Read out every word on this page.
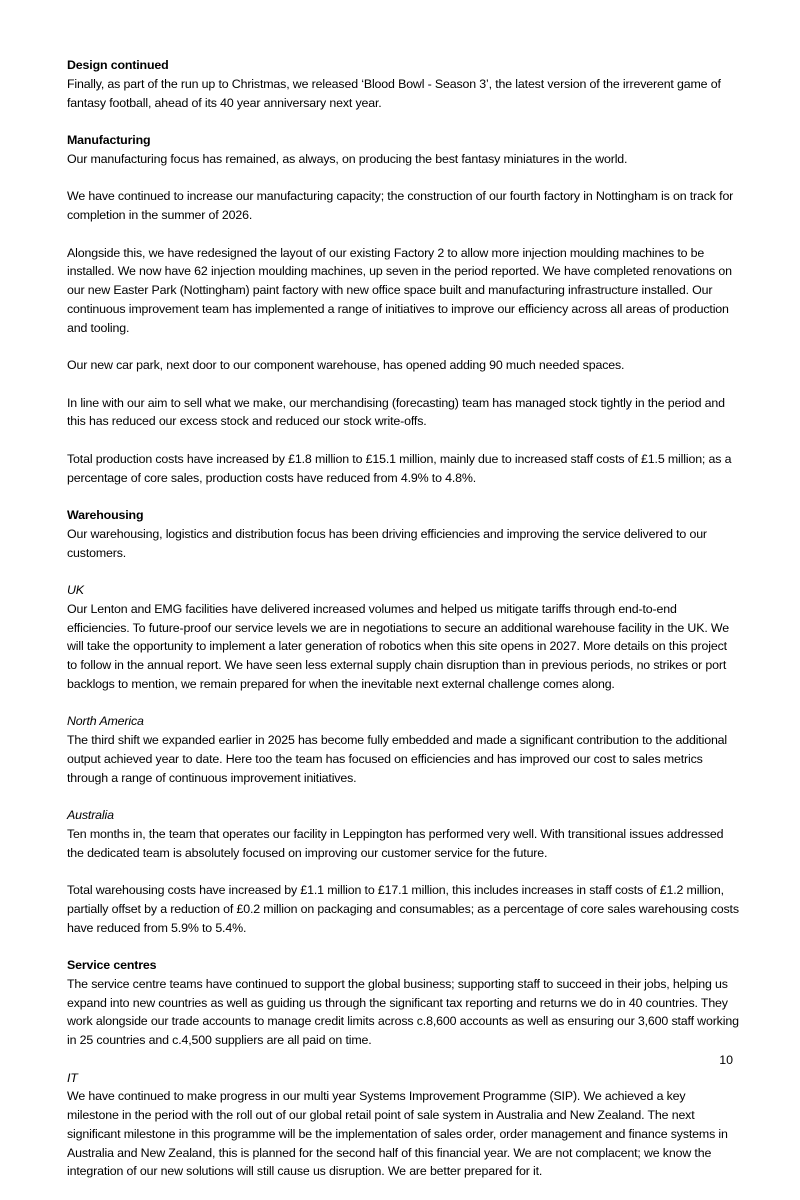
Design continued

Finally, as part of the run up to Christmas, we released ‘Blood Bowl - Season 3’, the latest version of the irreverent game of fantasy football, ahead of its 40 year anniversary next year.

Manufacturing

Our manufacturing focus has remained, as always, on producing the best fantasy miniatures in the world.

We have continued to increase our manufacturing capacity; the construction of our fourth factory in Nottingham is on track for completion in the summer of 2026.

Alongside this, we have redesigned the layout of our existing Factory 2 to allow more injection moulding machines to be installed. We now have 62 injection moulding machines, up seven in the period reported. We have completed renovations on our new Easter Park (Nottingham) paint factory with new office space built and manufacturing infrastructure installed. Our continuous improvement team has implemented a range of initiatives to improve our efficiency across all areas of production and tooling.

Our new car park, next door to our component warehouse, has opened adding 90 much needed spaces.

In line with our aim to sell what we make, our merchandising (forecasting) team has managed stock tightly in the period and this has reduced our excess stock and reduced our stock write-offs.

Total production costs have increased by £1.8 million to £15.1 million, mainly due to increased staff costs of £1.5 million; as a percentage of core sales, production costs have reduced from 4.9% to 4.8%.

Warehousing

Our warehousing, logistics and distribution focus has been driving efficiencies and improving the service delivered to our customers.

UK

Our Lenton and EMG facilities have delivered increased volumes and helped us mitigate tariffs through end-to-end efficiencies. To future-proof our service levels we are in negotiations to secure an additional warehouse facility in the UK. We will take the opportunity to implement a later generation of robotics when this site opens in 2027. More details on this project to follow in the annual report. We have seen less external supply chain disruption than in previous periods, no strikes or port backlogs to mention, we remain prepared for when the inevitable next external challenge comes along.

North America

The third shift we expanded earlier in 2025 has become fully embedded and made a significant contribution to the additional output achieved year to date. Here too the team has focused on efficiencies and has improved our cost to sales metrics through a range of continuous improvement initiatives.

Australia

Ten months in, the team that operates our facility in Leppington has performed very well. With transitional issues addressed the dedicated team is absolutely focused on improving our customer service for the future.

Total warehousing costs have increased by £1.1 million to £17.1 million, this includes increases in staff costs of £1.2 million, partially offset by a reduction of £0.2 million on packaging and consumables; as a percentage of core sales warehousing costs have reduced from 5.9% to 5.4%.

Service centres

The service centre teams have continued to support the global business; supporting staff to succeed in their jobs, helping us expand into new countries as well as guiding us through the significant tax reporting and returns we do in 40 countries. They work alongside our trade accounts to manage credit limits across c.8,600 accounts as well as ensuring our 3,600 staff working in 25 countries and c.4,500 suppliers are all paid on time.

IT

We have continued to make progress in our multi year Systems Improvement Programme (SIP). We achieved a key milestone in the period with the roll out of our global retail point of sale system in Australia and New Zealand. The next significant milestone in this programme will be the implementation of sales order, order management and finance systems in Australia and New Zealand, this is planned for the second half of this financial year. We are not complacent; we know the integration of our new solutions will still cause us disruption. We are better prepared for it.

10
